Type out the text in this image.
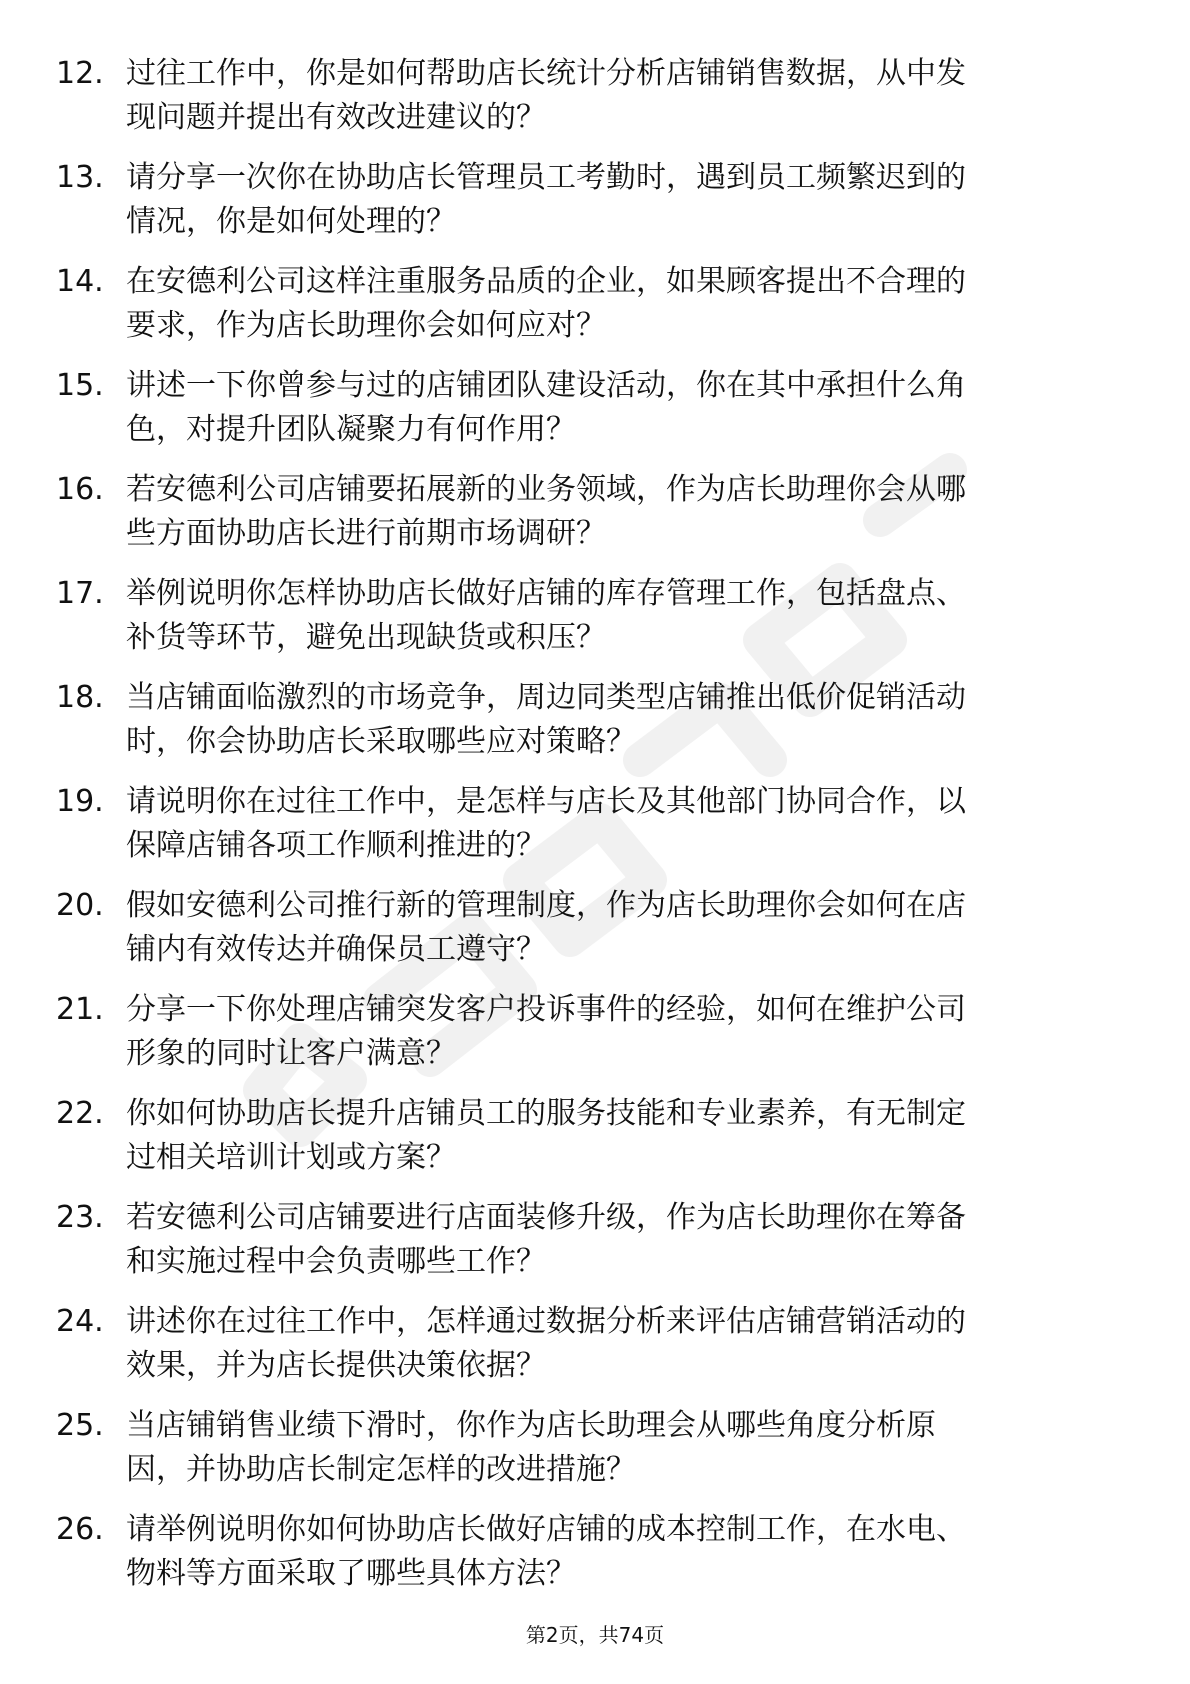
12. 过往工作中，你是如何帮助店长统计分析店铺销售数据，从中发
现问题并提出有效改进建议的？
13. 请分享一次你在协助店长管理员工考勤时，遇到员工频繁迟到的
情况，你是如何处理的？
14. 在安德利公司这样注重服务品质的企业，如果顾客提出不合理的
要求，作为店长助理你会如何应对？
15. 讲述一下你曾参与过的店铺团队建设活动，你在其中承担什么角
色，对提升团队凝聚力有何作用？
16. 若安德利公司店铺要拓展新的业务领域，作为店长助理你会从哪
些方面协助店长进行前期市场调研？
17. 举例说明你怎样协助店长做好店铺的库存管理工作，包括盘点、
补货等环节，避免出现缺货或积压？
18. 当店铺面临激烈的市场竞争，周边同类型店铺推出低价促销活动
时，你会协助店长采取哪些应对策略？
19. 请说明你在过往工作中，是怎样与店长及其他部门协同合作，以
保障店铺各项工作顺利推进的？
20. 假如安德利公司推行新的管理制度，作为店长助理你会如何在店
铺内有效传达并确保员工遵守？
21. 分享一下你处理店铺突发客户投诉事件的经验，如何在维护公司
形象的同时让客户满意？
22. 你如何协助店长提升店铺员工的服务技能和专业素养，有无制定
过相关培训计划或方案？
23. 若安德利公司店铺要进行店面装修升级，作为店长助理你在筹备
和实施过程中会负责哪些工作？
24. 讲述你在过往工作中，怎样通过数据分析来评估店铺营销活动的
效果，并为店长提供决策依据？
25. 当店铺销售业绩下滑时，你作为店长助理会从哪些角度分析原
因，并协助店长制定怎样的改进措施？
26. 请举例说明你如何协助店长做好店铺的成本控制工作，在水电、
物料等方面采取了哪些具体方法？
第2页，共74页
